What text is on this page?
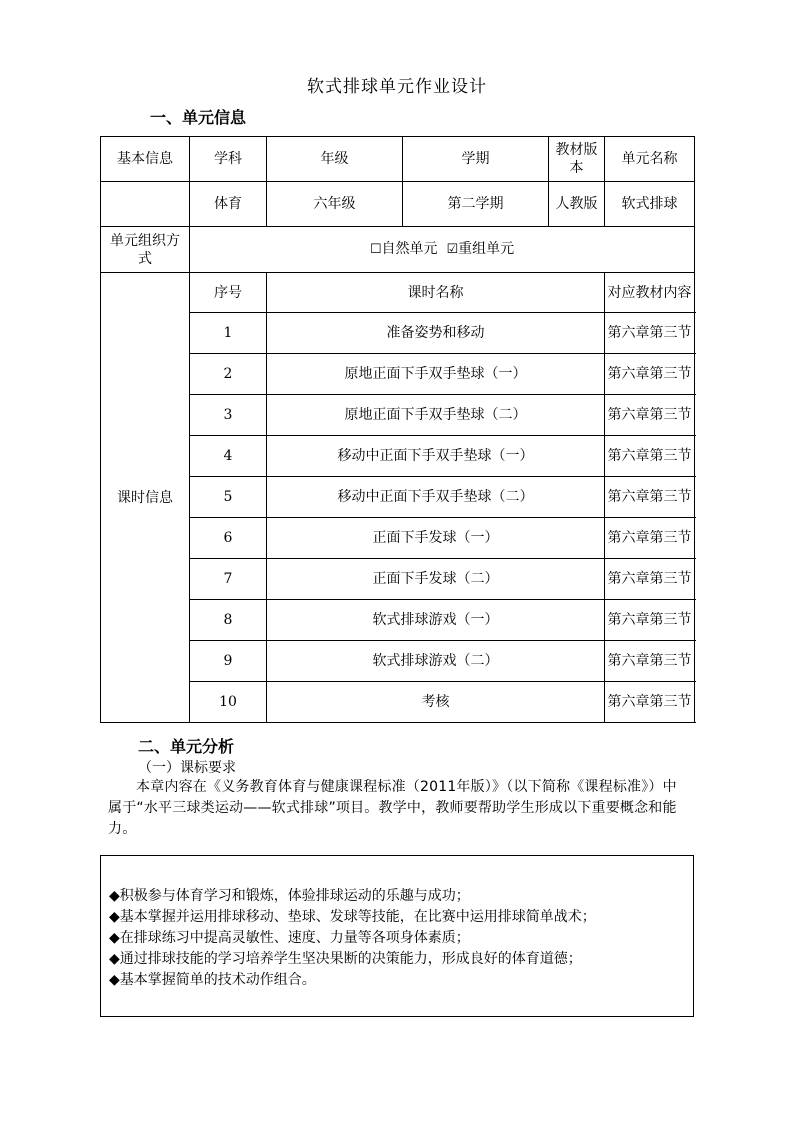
软式排球单元作业设计
一、单元信息
基本信息	学科	年级	学期	教材版本	单元名称
	体育	六年级	第二学期	人教版	软式排球
单元组织方式	☐自然单元 ☑重组单元				
课时信息	序号	课时名称			对应教材内容
	1	准备姿势和移动			第六章第三节
	2	原地正面下手双手垫球（一）			第六章第三节
	3	原地正面下手双手垫球（二）			第六章第三节
	4	移动中正面下手双手垫球（一）			第六章第三节
	5	移动中正面下手双手垫球（二）			第六章第三节
	6	正面下手发球（一）			第六章第三节
	7	正面下手发球（二）			第六章第三节
	8	软式排球游戏（一）			第六章第三节
	9	软式排球游戏（二）			第六章第三节
	10	考核			第六章第三节
二、单元分析
（一）课标要求
本章内容在《义务教育体育与健康课程标准（2011年版）》（以下简称《课程标准》）中属于“水平三球类运动——软式排球”项目。教学中，教师要帮助学生形成以下重要概念和能力。
◆积极参与体育学习和锻炼，体验排球运动的乐趣与成功；
◆基本掌握并运用排球移动、垫球、发球等技能，在比赛中运用排球简单战术；
◆在排球练习中提高灵敏性、速度、力量等各项身体素质；
◆通过排球技能的学习培养学生坚决果断的决策能力，形成良好的体育道德；
◆基本掌握简单的技术动作组合。
